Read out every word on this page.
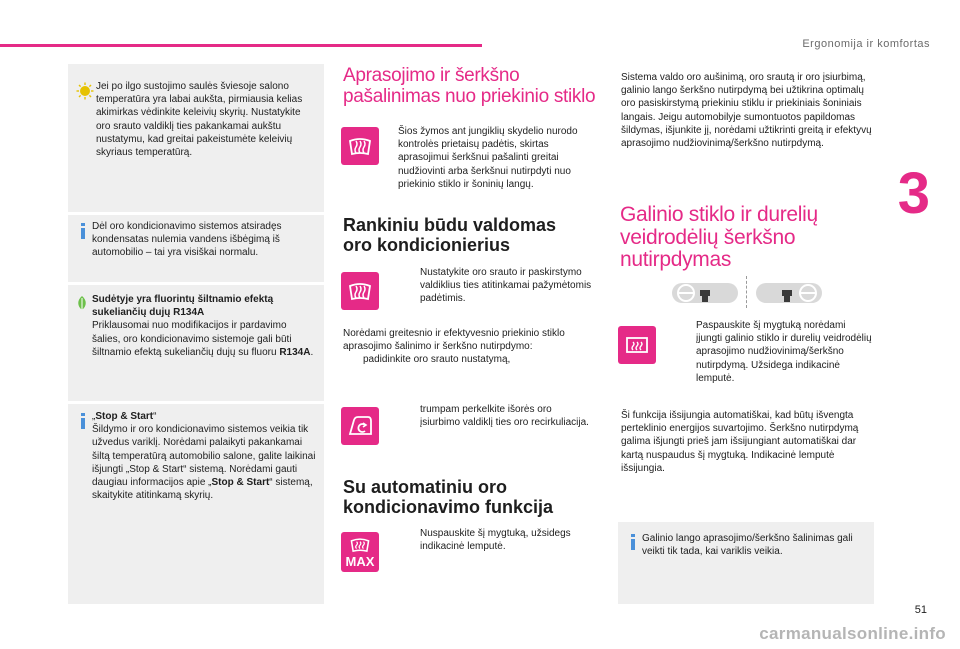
Ergonomija ir komfortas
3
Jei po ilgo sustojimo saulės šviesoje salono temperatūra yra labai aukšta, pirmiausia kelias akimirkas vėdinkite keleivių skyrių. Nustatykite oro srauto valdiklį ties pakankamai aukštu nustatymu, kad greitai pakeistumėte keleivių skyriaus temperatūrą.
Dėl oro kondicionavimo sistemos atsiradęs kondensatas nulemia vandens išbėgimą iš automobilio – tai yra visiškai normalu.
Sudėtyje yra fluorintų šiltnamio efektą sukeliančių dujų R134A
Priklausomai nuo modifikacijos ir pardavimo šalies, oro kondicionavimo sistemoje gali būti šiltnamio efektą sukeliančių dujų su fluoru R134A.
„Stop & Start“
Šildymo ir oro kondicionavimo sistemos veikia tik užvedus variklį. Norėdami palaikyti pakankamai šiltą temperatūrą automobilio salone, galite laikinai išjungti „Stop & Start“ sistemą. Norėdami gauti daugiau informacijos apie „Stop & Start“ sistemą, skaitykite atitinkamą skyrių.
Aprasojimo ir šerkšno
pašalinimas nuo priekinio stiklo
Šios žymos ant jungiklių skydelio nurodo kontrolės prietaisų padėtis, skirtas aprasojimui šerkšnui pašalinti greitai nudžiovinti arba šerkšnui nutirpdyti nuo priekinio stiklo ir šoninių langų.
Rankiniu būdu valdomas
oro kondicionierius
Nustatykite oro srauto ir paskirstymo valdiklius ties atitinkamai pažymėtomis padėtimis.
Norėdami greitesnio ir efektyvesnio priekinio stiklo aprasojimo šalinimo ir šerkšno nutirpdymo:
padidinkite oro srauto nustatymą,
trumpam perkelkite išorės oro įsiurbimo valdiklį ties oro recirkuliacija.
Su automatiniu oro
kondicionavimo funkcija
MAX
Nuspauskite šį mygtuką, užsidegs indikacinė lemputė.
Sistema valdo oro aušinimą, oro srautą ir oro įsiurbimą, galinio lango šerkšno nutirpdymą bei užtikrina optimalų oro pasiskirstymą priekiniu stiklu ir priekiniais šoniniais langais. Jeigu automobilyje sumontuotos papildomas šildymas, išjunkite jį, norėdami užtikrinti greitą ir efektyvų aprasojimo nudžiovinimą/šerkšno nutirpdymą.
Galinio stiklo ir durelių
veidrodėlių šerkšno
nutirpdymas
Paspauskite šį mygtuką norėdami įjungti galinio stiklo ir durelių veidrodėlių aprasojimo nudžiovinimą/šerkšno nutirpdymą. Užsidega indikacinė lemputė.
Ši funkcija išsijungia automatiškai, kad būtų išvengta perteklinio energijos suvartojimo. Šerkšno nutirpdymą galima išjungti prieš jam išsijungiant automatiškai dar kartą nuspaudus šį mygtuką. Indikacinė lemputė išsijungia.
Galinio lango aprasojimo/šerkšno šalinimas gali veikti tik tada, kai variklis veikia.
51
carmanualsonline.info
